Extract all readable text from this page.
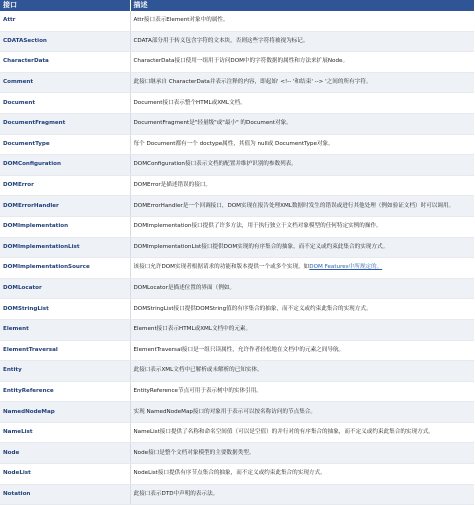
接口	描述
Attr	Attr接口表示Element对象中的属性。
CDATASection	CDATA部分用于转义包含字符的文本块，否则这些字符将被视为标记。
CharacterData	CharacterData接口使用一组用于访问DOM中的字符数据的属性和方法来扩展Node。
Comment	此接口继承自 CharacterData并表示注释的内容，即起始' <!-- '和结束' --> '之间的所有字符。
Document	Document接口表示整个HTML或XML文档。
DocumentFragment	DocumentFragment是"轻量级"或"最小" 的Document对象。
DocumentType	每个 Document都有一个 doctype属性，其值为 null或 DocumentType对象。
DOMConfiguration	DOMConfiguration接口表示文档的配置并维护识别的参数列表。
DOMError	DOMError是描述错误的接口。
DOMErrorHandler	DOMErrorHandler是一个回调接口，DOM实现在报告处理XML数据时发生的错误或进行其他处理（例如验证文档）时可以调用。
DOMImplementation	DOMImplementation接口提供了许多方法，用于执行独立于文档对象模型的任何特定实例的操作。
DOMImplementationList	DOMImplementationList接口提供DOM实现的有序集合的抽象，而不定义或约束此集合的实现方式。
DOMImplementationSource	该接口允许DOM实现者根据请求的功能和版本提供一个或多个实现，如DOM Features中所规定的。
DOMLocator	DOMLocator是描述位置的界面（例如。
DOMStringList	DOMStringList接口提供DOMString值的有序集合的抽象，而不定义或约束此集合的实现方式。
Element	Element接口表示HTML或XML文档中的元素。
ElementTraversal	ElementTraversal接口是一组只读属性，允许作者轻松地在文档中的元素之间导航。
Entity	此接口表示XML文档中已解析或未解析的已知实体。
EntityReference	EntityReference节点可用于表示树中的实体引用。
NamedNodeMap	实现 NamedNodeMap接口的对象用于表示可以按名称访问的节点集合。
NameList	NameList接口提供了名称和命名空间值（可以是空值）的并行对的有序集合的抽象，而不定义或约束此集合的实现方式。
Node	Node接口是整个文档对象模型的主要数据类型。
NodeList	NodeList接口提供有序节点集合的抽象，而不定义或约束此集合的实现方式。
Notation	此接口表示DTD中声明的表示法。
